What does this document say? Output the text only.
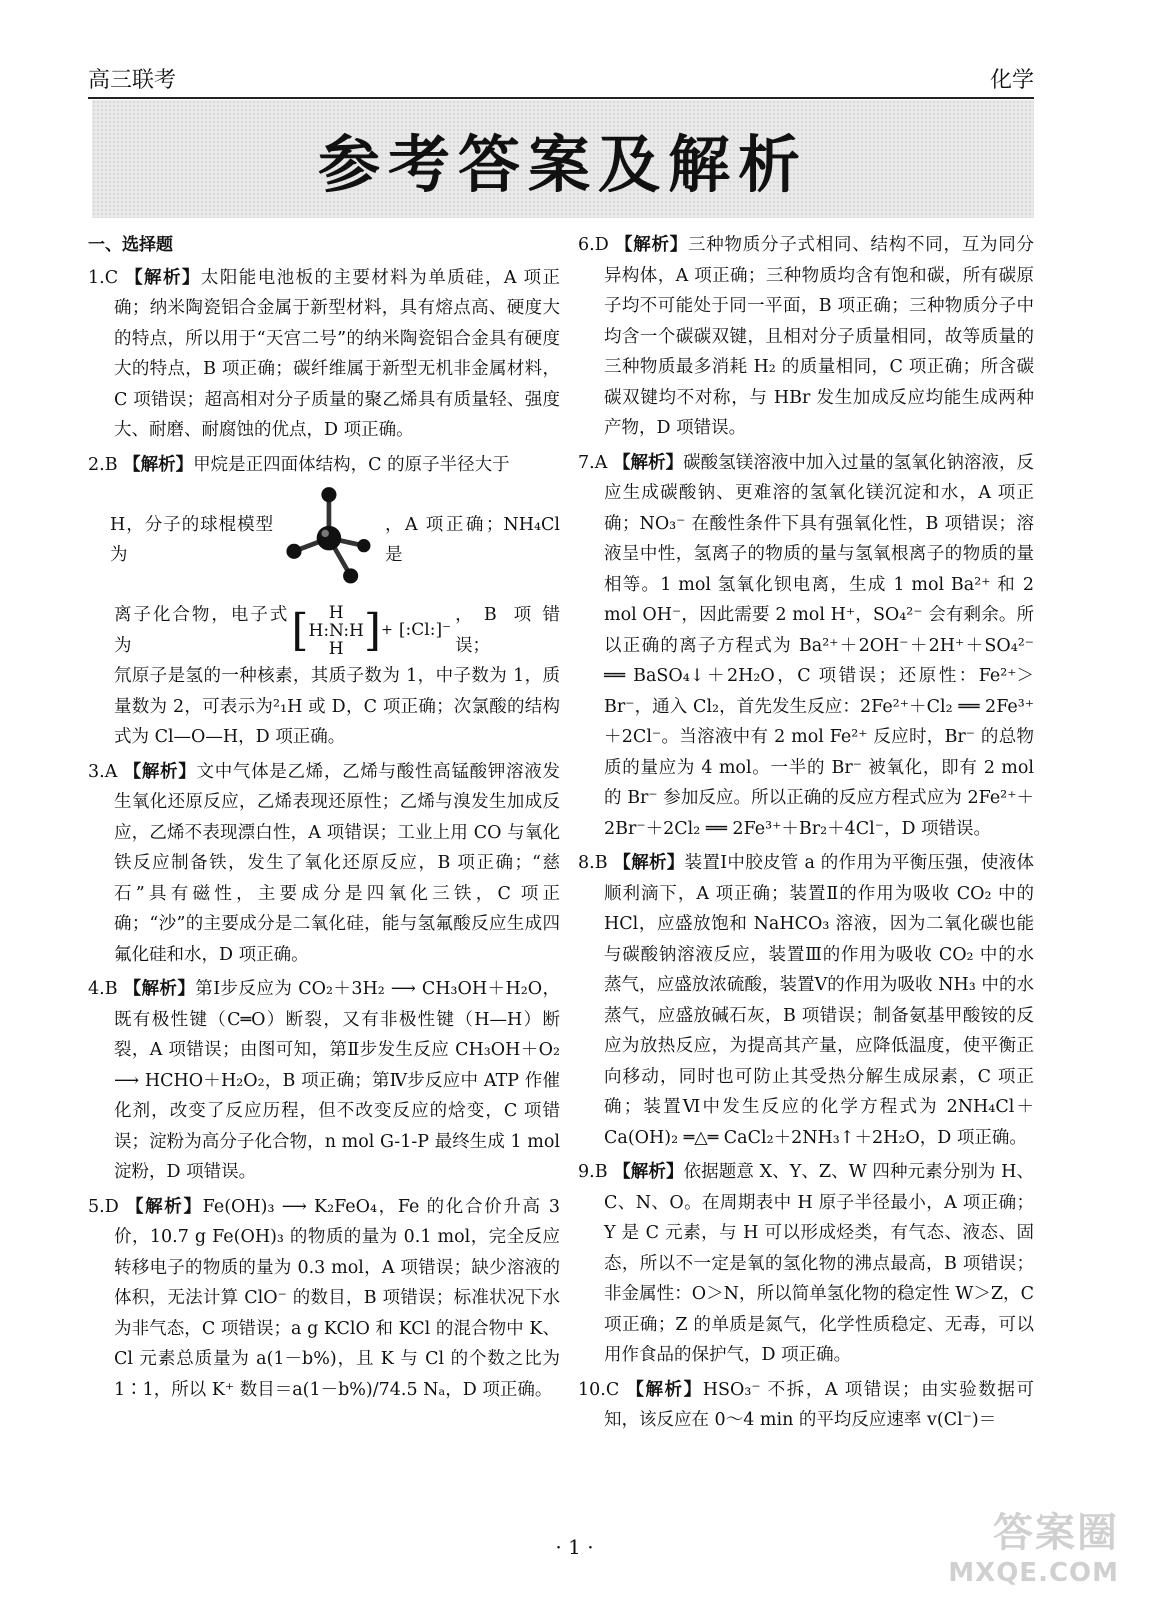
高三联考	化学
参考答案及解析
一、选择题
1.C 【解析】太阳能电池板的主要材料为单质硅，A 项正确；纳米陶瓷铝合金属于新型材料，具有熔点高、硬度大的特点，所以用于“天宫二号”的纳米陶瓷铝合金具有硬度大的特点，B 项正确；碳纤维属于新型无机非金属材料，C 项错误；超高相对分子质量的聚乙烯具有质量轻、强度大、耐磨、耐腐蚀的优点，D 项正确。
2.B 【解析】甲烷是正四面体结构，C 的原子半径大于
H，分子的球棍模型为
，A 项正确；NH₄Cl 是
离子化合物，电子式为	[	H
H:N:H
H ] + [:Cl:]⁻
，B 项错误；
氘原子是氢的一种核素，其质子数为 1，中子数为 1，质量数为 2，可表示为²₁H 或 D，C 项正确；次氯酸的结构式为 Cl—O—H，D 项正确。
3.A 【解析】文中气体是乙烯，乙烯与酸性高锰酸钾溶液发生氧化还原反应，乙烯表现还原性；乙烯与溴发生加成反应，乙烯不表现漂白性，A 项错误；工业上用 CO 与氧化铁反应制备铁，发生了氧化还原反应，B 项正确；“慈石”具有磁性，主要成分是四氧化三铁，C 项正确；“沙”的主要成分是二氧化硅，能与氢氟酸反应生成四氟化硅和水，D 项正确。
4.B 【解析】第Ⅰ步反应为 CO₂＋3H₂ ⟶ CH₃OH＋H₂O，既有极性键（C═O）断裂，又有非极性键（H—H）断裂，A 项错误；由图可知，第Ⅱ步发生反应 CH₃OH＋O₂ ⟶ HCHO＋H₂O₂，B 项正确；第Ⅳ步反应中 ATP 作催化剂，改变了反应历程，但不改变反应的焓变，C 项错误；淀粉为高分子化合物，n mol G-1-P 最终生成 1 mol 淀粉，D 项错误。
5.D 【解析】Fe(OH)₃ ⟶ K₂FeO₄，Fe 的化合价升高 3 价，10.7 g Fe(OH)₃ 的物质的量为 0.1 mol，完全反应转移电子的物质的量为 0.3 mol，A 项错误；缺少溶液的体积，无法计算 ClO⁻ 的数目，B 项错误；标准状况下水为非气态，C 项错误；a g KClO 和 KCl 的混合物中 K、Cl 元素总质量为 a(1－b%)，且 K 与 Cl 的个数之比为 1∶1，所以 K⁺ 数目＝a(1－b%)/74.5 Nₐ，D 项正确。
6.D 【解析】三种物质分子式相同、结构不同，互为同分异构体，A 项正确；三种物质均含有饱和碳，所有碳原子均不可能处于同一平面，B 项正确；三种物质分子中均含一个碳碳双键，且相对分子质量相同，故等质量的三种物质最多消耗 H₂ 的质量相同，C 项正确；所含碳碳双键均不对称，与 HBr 发生加成反应均能生成两种产物，D 项错误。
7.A 【解析】碳酸氢镁溶液中加入过量的氢氧化钠溶液，反应生成碳酸钠、更难溶的氢氧化镁沉淀和水，A 项正确；NO₃⁻ 在酸性条件下具有强氧化性，B 项错误；溶液呈中性，氢离子的物质的量与氢氧根离子的物质的量相等。1 mol 氢氧化钡电离，生成 1 mol Ba²⁺ 和 2 mol OH⁻，因此需要 2 mol H⁺，SO₄²⁻ 会有剩余。所以正确的离子方程式为 Ba²⁺＋2OH⁻＋2H⁺＋SO₄²⁻ ══ BaSO₄↓＋2H₂O，C 项错误；还原性：Fe²⁺＞Br⁻，通入 Cl₂，首先发生反应：2Fe²⁺＋Cl₂ ══ 2Fe³⁺＋2Cl⁻。当溶液中有 2 mol Fe²⁺ 反应时，Br⁻ 的总物质的量应为 4 mol。一半的 Br⁻ 被氧化，即有 2 mol 的 Br⁻ 参加反应。所以正确的反应方程式应为 2Fe²⁺＋2Br⁻＋2Cl₂ ══ 2Fe³⁺＋Br₂＋4Cl⁻，D 项错误。
8.B 【解析】装置Ⅰ中胶皮管 a 的作用为平衡压强，使液体顺利滴下，A 项正确；装置Ⅱ的作用为吸收 CO₂ 中的 HCl，应盛放饱和 NaHCO₃ 溶液，因为二氧化碳也能与碳酸钠溶液反应，装置Ⅲ的作用为吸收 CO₂ 中的水蒸气，应盛放浓硫酸，装置Ⅴ的作用为吸收 NH₃ 中的水蒸气，应盛放碱石灰，B 项错误；制备氨基甲酸铵的反应为放热反应，为提高其产量，应降低温度，使平衡正向移动，同时也可防止其受热分解生成尿素，C 项正确；装置Ⅵ中发生反应的化学方程式为 2NH₄Cl＋Ca(OH)₂ ═△═ CaCl₂＋2NH₃↑＋2H₂O，D 项正确。
9.B 【解析】依据题意 X、Y、Z、W 四种元素分别为 H、C、N、O。在周期表中 H 原子半径最小，A 项正确；Y 是 C 元素，与 H 可以形成烃类，有气态、液态、固态，所以不一定是氧的氢化物的沸点最高，B 项错误；非金属性：O＞N，所以简单氢化物的稳定性 W＞Z，C 项正确；Z 的单质是氮气，化学性质稳定、无毒，可以用作食品的保护气，D 项正确。
10.C 【解析】HSO₃⁻ 不拆，A 项错误；由实验数据可知，该反应在 0～4 min 的平均反应速率 v(Cl⁻)＝
· 1 ·	答案圈
MXQE.COM
